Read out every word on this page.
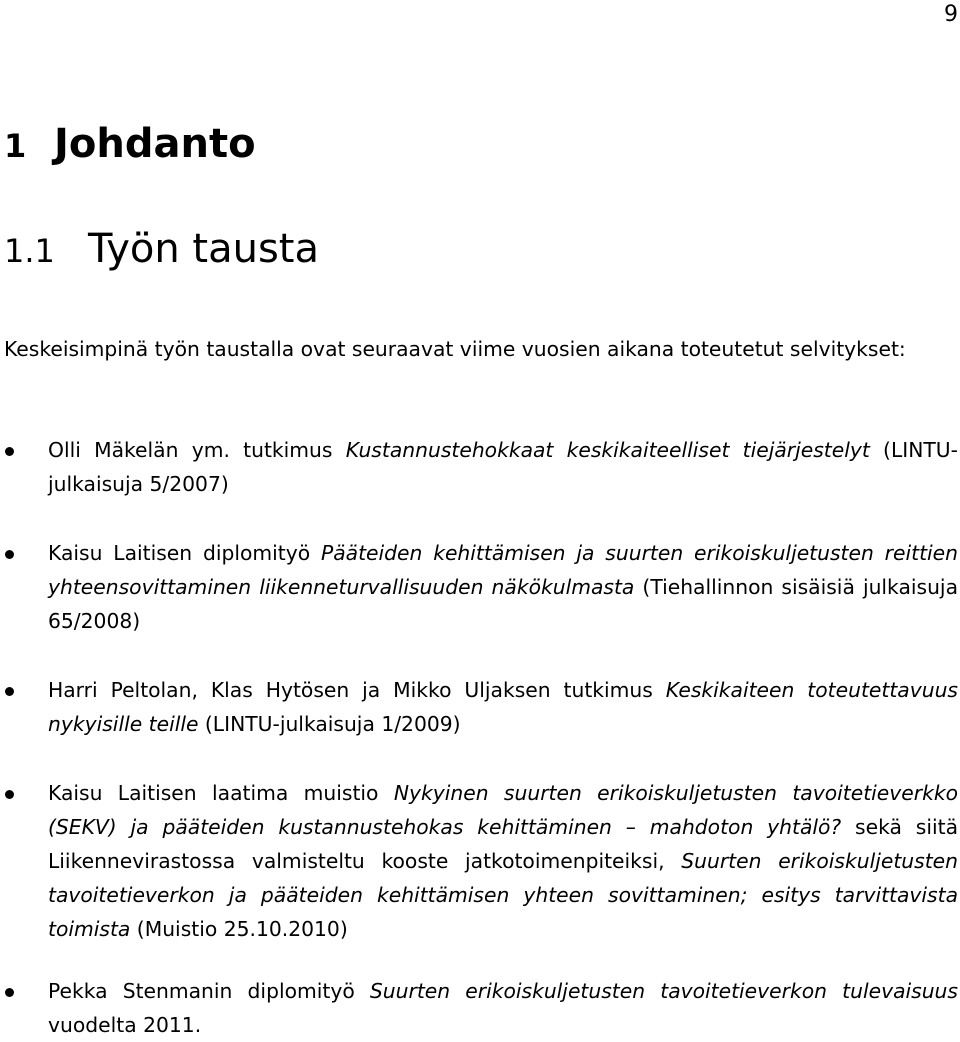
9
1 Johdanto
1.1 Työn tausta

Keskeisimpinä työn taustalla ovat seuraavat viime vuosien aikana toteutetut selvitykset:

Olli Mäkelän ym. tutkimus Kustannustehokkaat keskikaiteelliset tiejärjestelyt (LINTU-julkaisuja 5/2007)

Kaisu Laitisen diplomityö Pääteiden kehittämisen ja suurten erikoiskuljetusten reittien yhteensovittaminen liikenneturvallisuuden näkökulmasta (Tiehallinnon sisäisiä julkaisuja 65/2008)

Harri Peltolan, Klas Hytösen ja Mikko Uljaksen tutkimus Keskikaiteen toteutettavuus nykyisille teille (LINTU-julkaisuja 1/2009)

Kaisu Laitisen laatima muistio Nykyinen suurten erikoiskuljetusten tavoitetieverkko (SEKV) ja pääteiden kustannustehokas kehittäminen – mahdoton yhtälö? sekä siitä Liikennevirastossa valmisteltu kooste jatkotoimenpiteiksi, Suurten erikoiskuljetusten tavoitetieverkon ja pääteiden kehittämisen yhteen sovittaminen; esitys tarvittavista toimista (Muistio 25.10.2010)

Pekka Stenmanin diplomityö Suurten erikoiskuljetusten tavoitetieverkon tulevaisuus vuodelta 2011.
